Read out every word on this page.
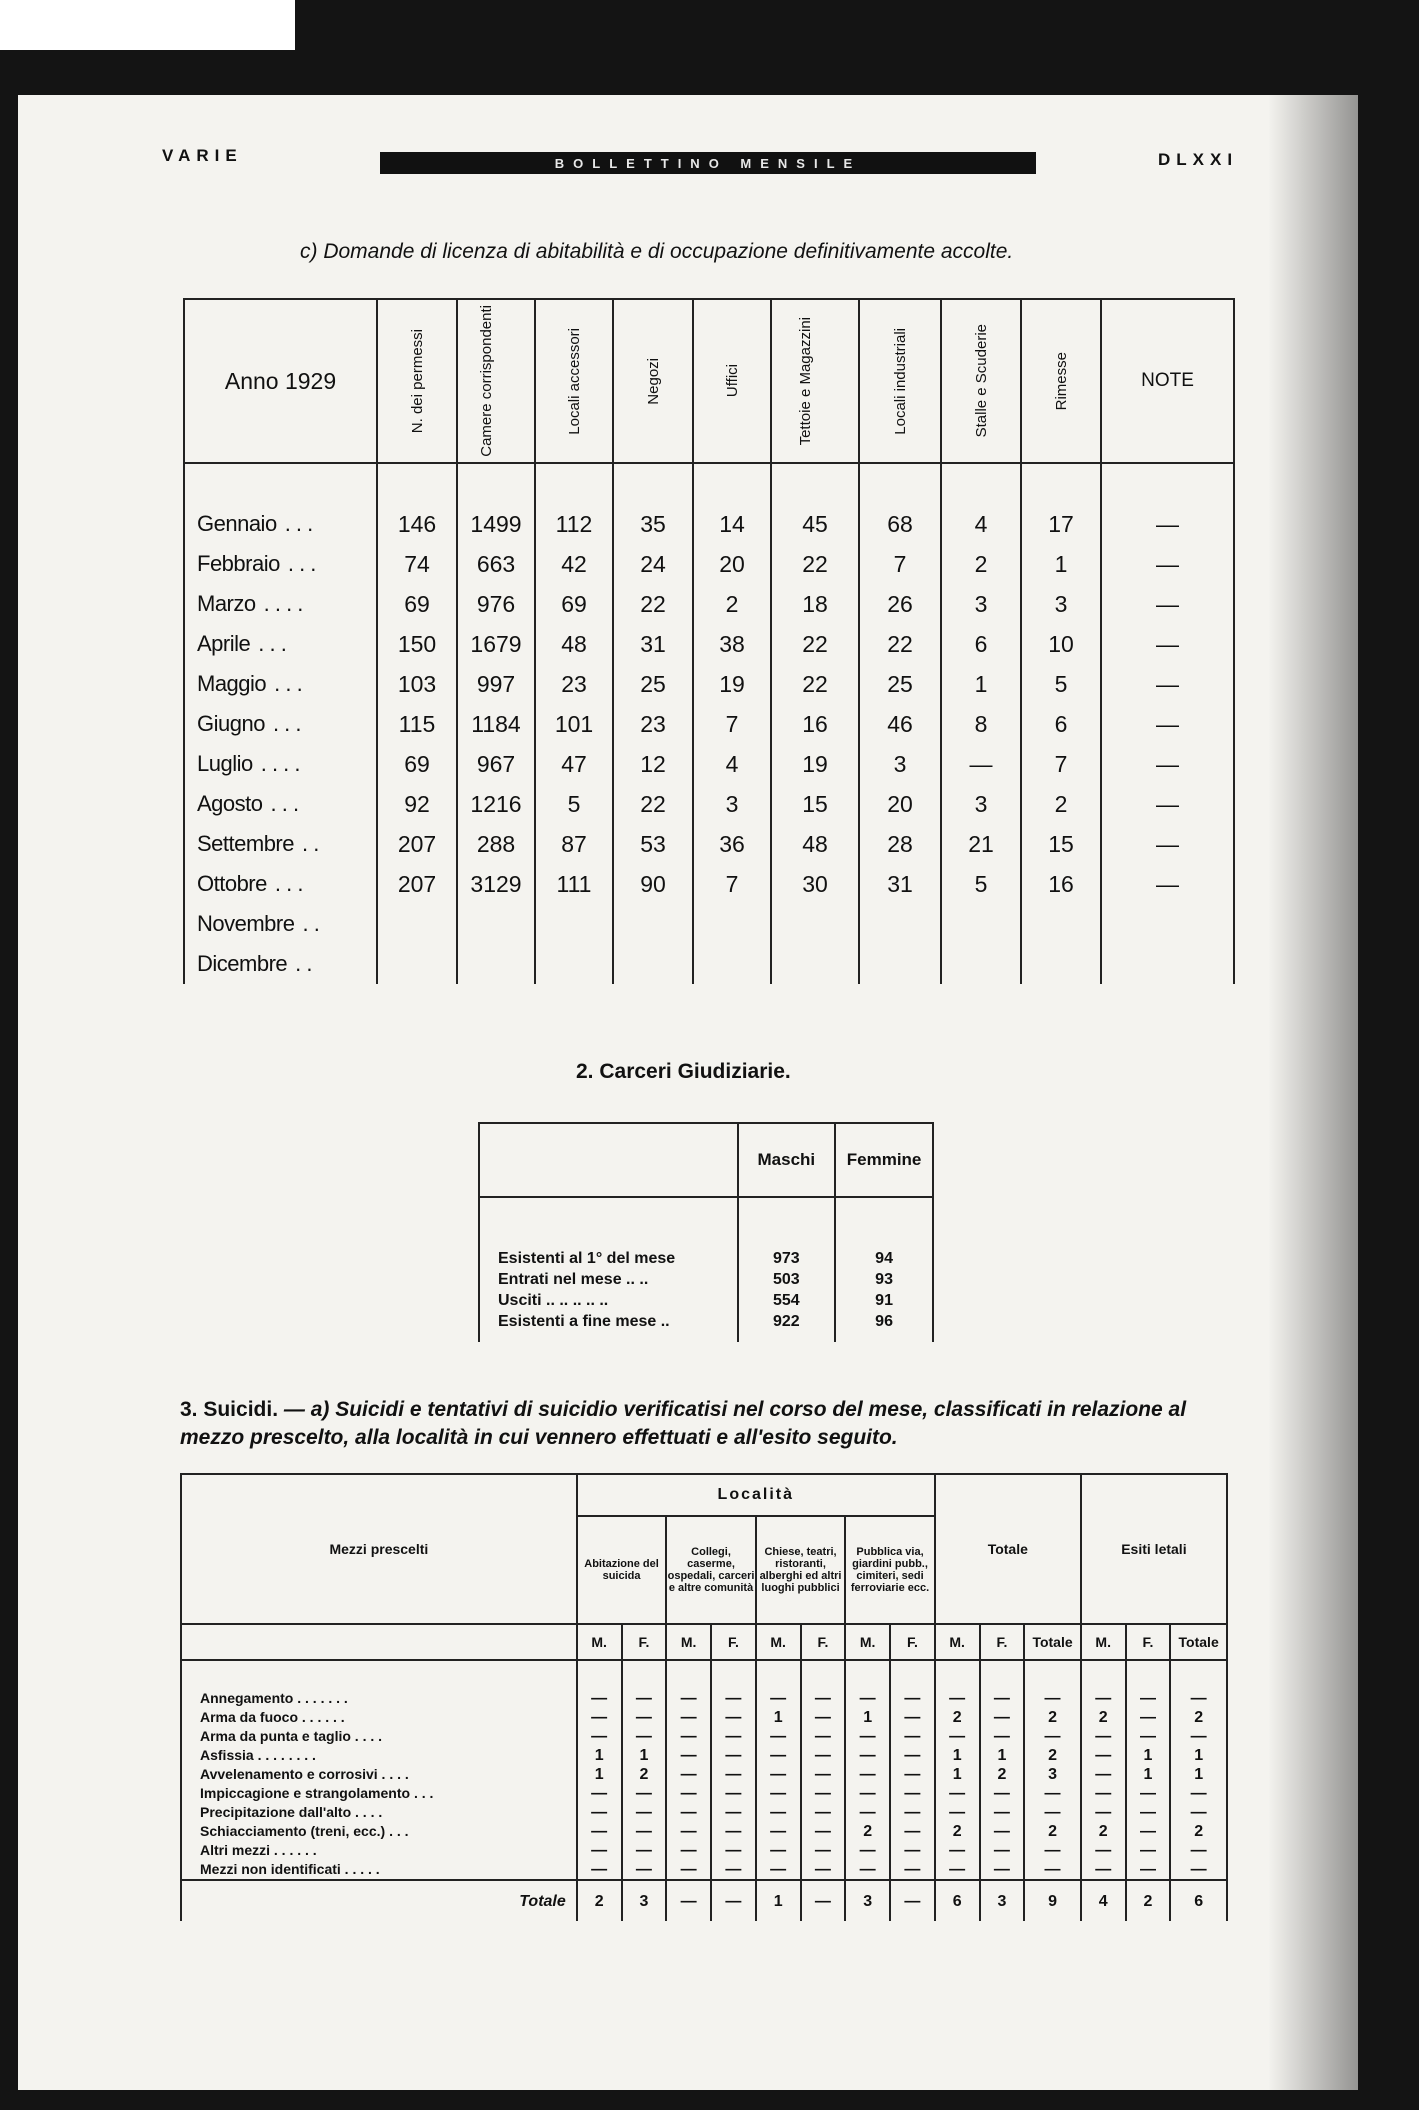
VARIE	BOLLETTINO MENSILE	DLXXI
c) Domande di licenza di abitabilità e di occupazione definitivamente accolte.
Anno 1929	N. dei permessi	Camere corrispondenti	Locali accessori	Negozi	Uffici	Tettoie e Magazzini	Locali industriali	Stalle e Scuderie	Rimesse	NOTE
Gennaio . . .	146	1499	112	35	14	45	68	4	17	—
Febbraio . . .	74	663	42	24	20	22	7	2	1	—
Marzo . . . .	69	976	69	22	2	18	26	3	3	—
Aprile . . .	150	1679	48	31	38	22	22	6	10	—
Maggio . . .	103	997	23	25	19	22	25	1	5	—
Giugno . . .	115	1184	101	23	7	16	46	8	6	—
Luglio . . . .	69	967	47	12	4	19	3	—	7	—
Agosto . . .	92	1216	5	22	3	15	20	3	2	—
Settembre . .	207	288	87	53	36	48	28	21	15	—
Ottobre . . .	207	3129	111	90	7	30	31	5	16	—
Novembre . .										
Dicembre . .										
2. Carceri Giudiziarie.
	Maschi	Femmine
Esistenti al 1° del mese	973	94
Entrati nel mese .. ..	503	93
Usciti .. .. .. .. ..	554	91
Esistenti a fine mese ..	922	96
3. Suicidi. — a) Suicidi e tentativi di suicidio verificatisi nel corso del mese, classificati in relazione al mezzo prescelto, alla località in cui vennero effettuati e all'esito seguito.
Mezzi prescelti	Località								Totale			Esiti letali		
	Abitazione del suicida		Collegi, caserme, ospedali, carceri e altre comunità		Chiese, teatri, ristoranti, alberghi ed altri luoghi pubblici		Pubblica via, giardini pubb., cimiteri, sedi ferroviarie ecc.							
	M.	F.	M.	F.	M.	F.	M.	F.	M.	F.	Totale	M.	F.	Totale
Annegamento . . . . . . .	—	—	—	—	—	—	—	—	—	—	—	—	—	—
Arma da fuoco . . . . . .	—	—	—	—	1	—	1	—	2	—	2	2	—	2
Arma da punta e taglio . . . .	—	—	—	—	—	—	—	—	—	—	—	—	—	—
Asfissia . . . . . . . .	1	1	—	—	—	—	—	—	1	1	2	—	1	1
Avvelenamento e corrosivi . . . .	1	2	—	—	—	—	—	—	1	2	3	—	1	1
Impiccagione e strangolamento . . .	—	—	—	—	—	—	—	—	—	—	—	—	—	—
Precipitazione dall'alto . . . .	—	—	—	—	—	—	—	—	—	—	—	—	—	—
Schiacciamento (treni, ecc.) . . .	—	—	—	—	—	—	2	—	2	—	2	2	—	2
Altri mezzi . . . . . .	—	—	—	—	—	—	—	—	—	—	—	—	—	—
Mezzi non identificati . . . . .	—	—	—	—	—	—	—	—	—	—	—	—	—	—
Totale	2	3	—	—	1	—	3	—	6	3	9	4	2	6
